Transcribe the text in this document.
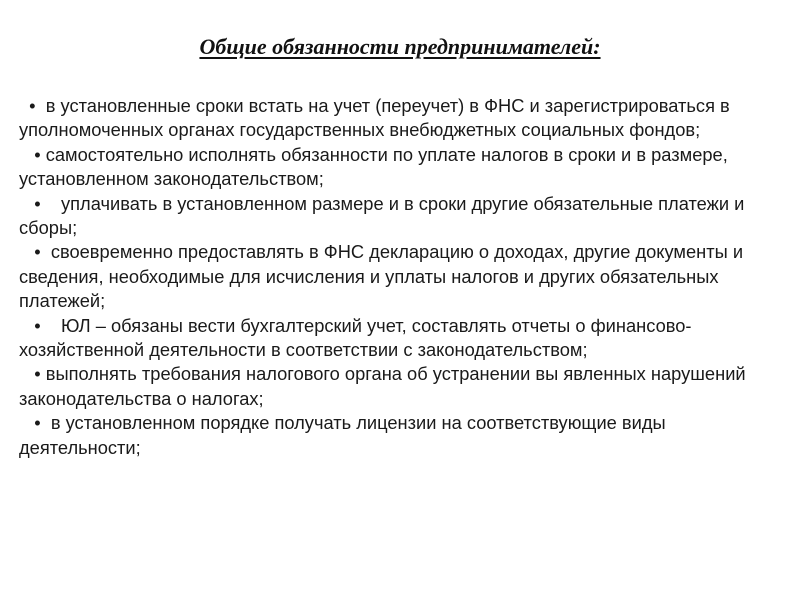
Общие обязанности предпринимателей:

• в установленные сроки встать на учет (переучет) в ФНС и зарегистрироваться в уполномоченных органах государственных внебюджетных социальных фондов;

• самостоятельно исполнять обязанности по уплате налогов в сроки и в размере, установленном законодательством;

• уплачивать в установленном размере и в сроки другие обязательные платежи и сборы;

• своевременно предоставлять в ФНС декларацию о доходах, другие документы и сведения, необходимые для исчисления и уплаты налогов и других обязательных платежей;

• ЮЛ – обязаны вести бухгалтерский учет, составлять отчеты о финансово-хозяйственной деятельности в соответствии с законодательством;

• выполнять требования налогового органа об устранении вы явленных нарушений законодательства о налогах;

• в установленном порядке получать лицензии на соответствующие виды деятельности;
